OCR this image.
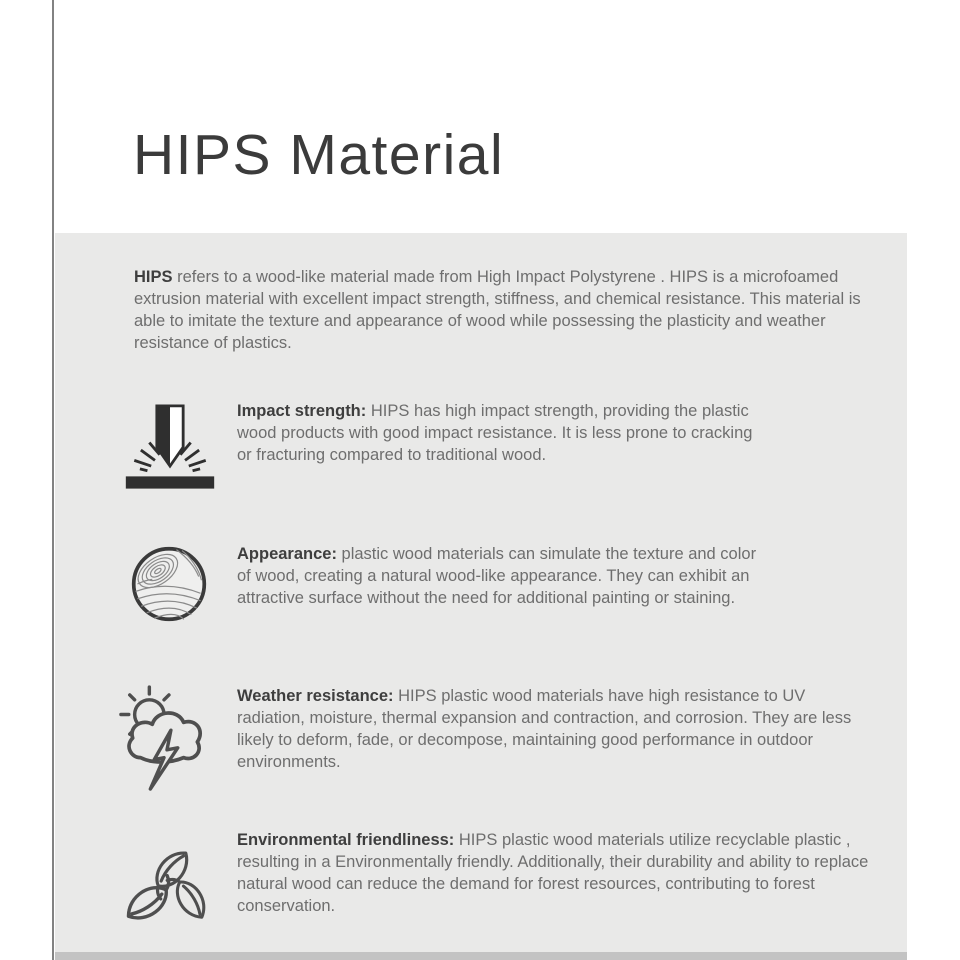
HIPS Material

HIPS refers to a wood-like material made from High Impact Polystyrene . HIPS is a microfoamed extrusion material with excellent impact strength, stiffness, and chemical resistance. This material is able to imitate the texture and appearance of wood while possessing the plasticity and weather resistance of plastics.

Impact strength: HIPS has high impact strength, providing the plastic wood products with good impact resistance. It is less prone to cracking or fracturing compared to traditional wood.
Appearance: plastic wood materials can simulate the texture and color of wood, creating a natural wood-like appearance. They can exhibit an attractive surface without the need for additional painting or staining.
Weather resistance: HIPS plastic wood materials have high resistance to UV radiation, moisture, thermal expansion and contraction, and corrosion. They are less likely to deform, fade, or decompose, maintaining good performance in outdoor environments.
Environmental friendliness: HIPS plastic wood materials utilize recyclable plastic , resulting in a Environmentally friendly. Additionally, their durability and ability to replace natural wood can reduce the demand for forest resources, contributing to forest conservation.
